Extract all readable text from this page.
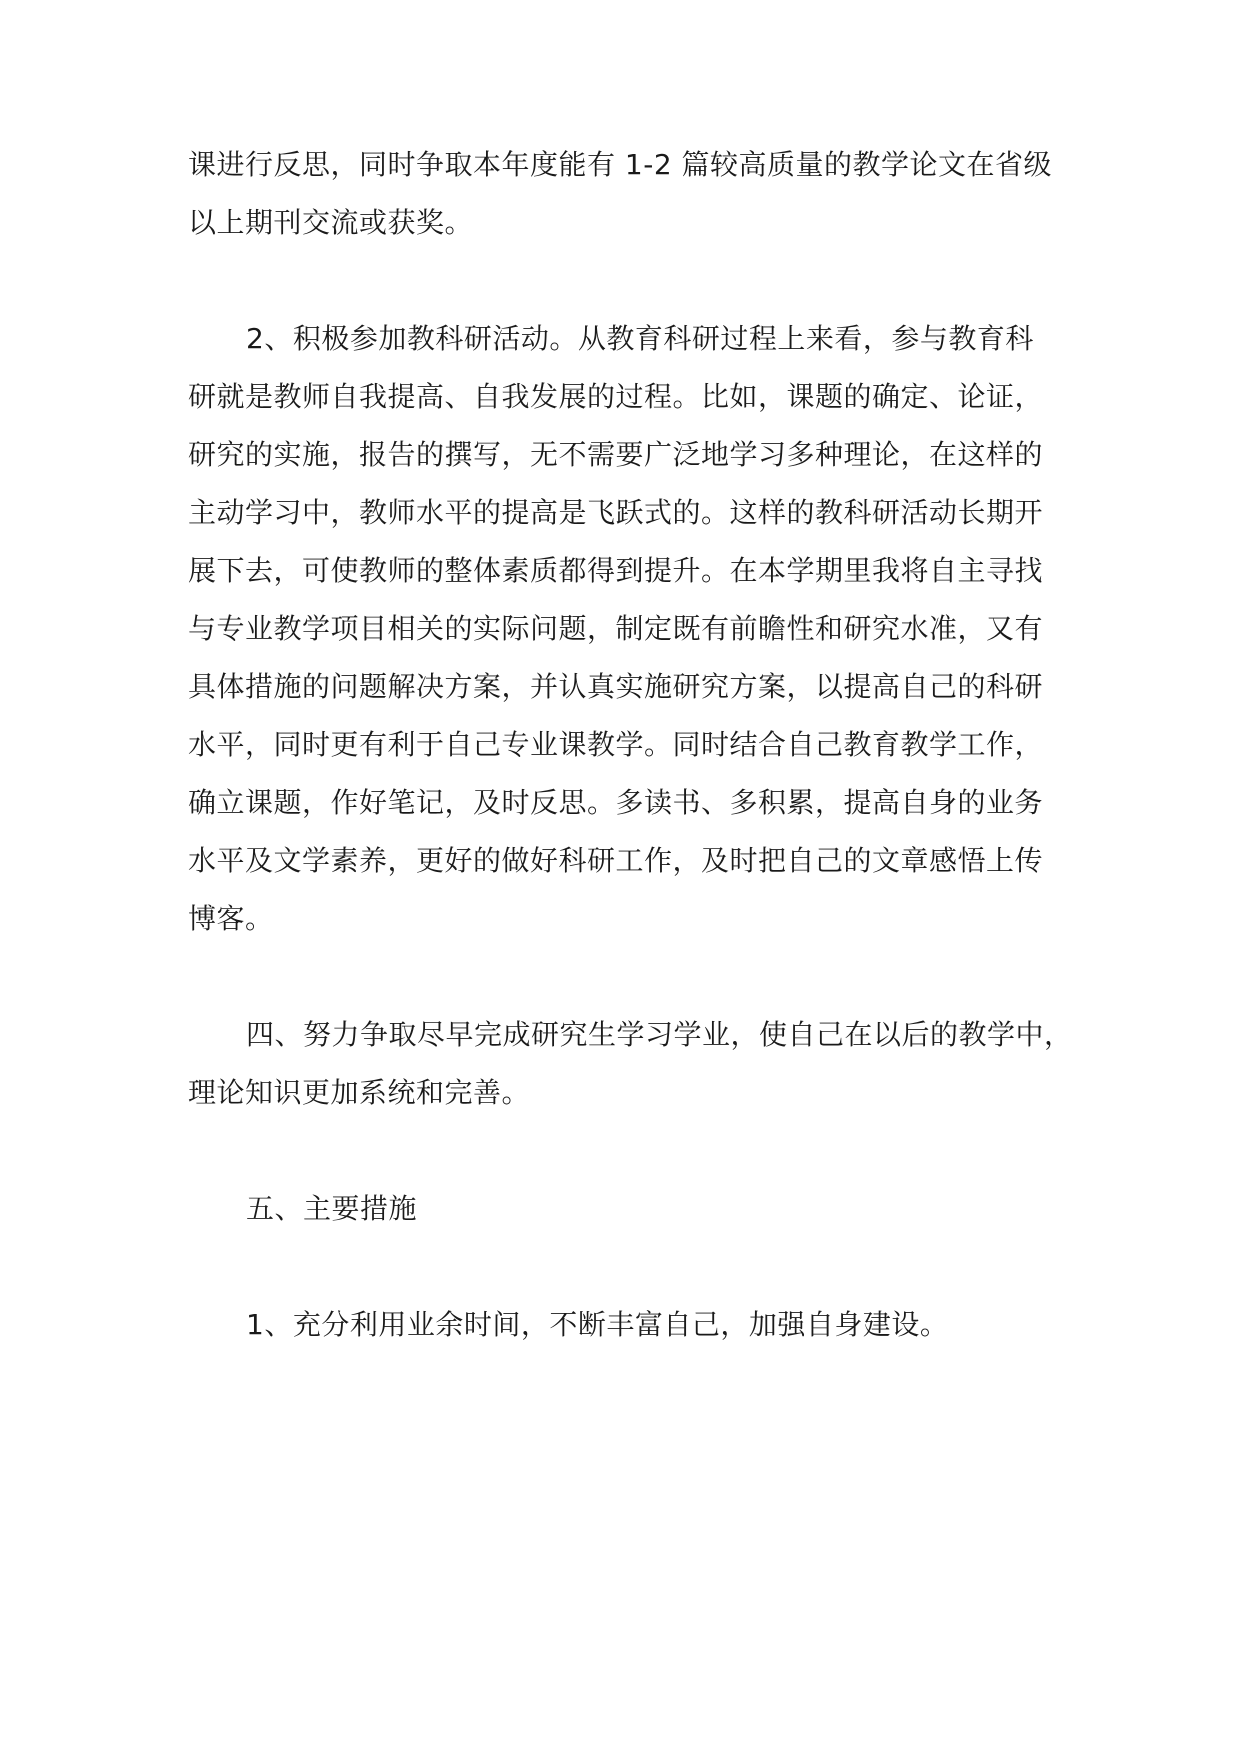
课进行反思，同时争取本年度能有 1-2 篇较高质量的教学论文在省级
以上期刊交流或获奖。
2、积极参加教科研活动。从教育科研过程上来看，参与教育科
研就是教师自我提高、自我发展的过程。比如，课题的确定、论证，
研究的实施，报告的撰写，无不需要广泛地学习多种理论，在这样的
主动学习中，教师水平的提高是飞跃式的。这样的教科研活动长期开
展下去，可使教师的整体素质都得到提升。在本学期里我将自主寻找
与专业教学项目相关的实际问题，制定既有前瞻性和研究水准，又有
具体措施的问题解决方案，并认真实施研究方案，以提高自己的科研
水平，同时更有利于自己专业课教学。同时结合自己教育教学工作，
确立课题，作好笔记，及时反思。多读书、多积累，提高自身的业务
水平及文学素养，更好的做好科研工作，及时把自己的文章感悟上传
博客。
四、努力争取尽早完成研究生学习学业，使自己在以后的教学中，
理论知识更加系统和完善。
五、主要措施
1、充分利用业余时间，不断丰富自己，加强自身建设。
